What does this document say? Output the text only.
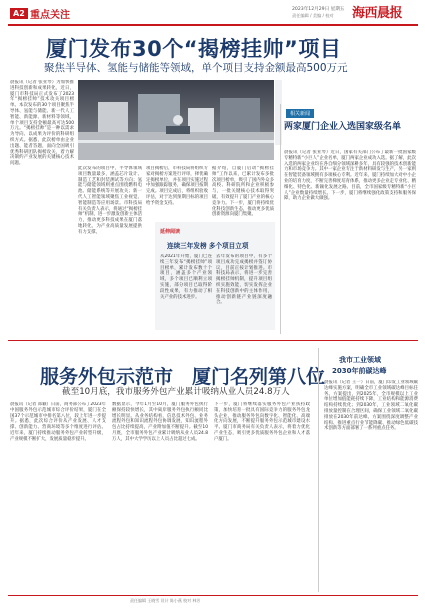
A2 重点关注
2023年12月29日 星期五
责任编辑 / 美编 / 校对 海西晨报
厦门发布30个“揭榜挂帅”项目
聚焦半导体、氢能与储能等领域，单个项目支持金额最高500万元
晨报讯（记者 张亚琴）为加快推进科技创新和成果转化，近日，厦门市科技局正式发布了2023年“揭榜挂帅”技术攻关项目榜单。本次发布的30个项目聚焦半导体、氢能与储能、新一代人工智能、新能源、新材料等领域，单个项目支持金额最高可达500万元。“揭榜挂帅”是一种以需求为导向、以成果为评价的科研组织方式。据悉，此次榜单由企业出题、能者答题，面向全国吸引优秀科研团队揭榜攻关，着力解决制约产业发展的关键核心技术问题。
此次发布的项目中，半导体领域项目数量最多，涵盖芯片设计、制造工艺和封装测试等方向；氢能与储能领域则重点围绕燃料电池、储能系统等开展攻关；新一代人工智能领域聚焦工业视觉、智能制造等应用场景。市科技局有关负责人表示，将通过“揭榜挂帅”机制，进一步激发创新主体活力，推动更多科技成果在厦门落地转化，为产业高质量发展提供有力支撑。
项目揭榜后，市科技局将组织专家对揭榜方案进行评审，择优确定揭榜单位，并在项目实施过程中加强跟踪服务，确保项目按期完成。项目完成后，将组织验收评估，对于达到预期目标的项目给予资金支持。
据介绍，自厦门启动“揭榜挂帅”工作以来，已累计发布多批次项目榜单，吸引了国内外众多高校、科研院所和企业积极参与，一批关键核心技术取得突破，有效提升了厦门产业的核心竞争力。下一步，厦门将持续优化科技创新生态，推动更多优质创新资源向厦门集聚。
延伸阅读
连续三年发榜 多个项目立项
从2021年开始，厦门已连续三年发布“揭榜挂帅”项目榜单，累计发布数十个项目，涵盖多个产业领域，多个项目已顺利立项实施，部分项目已取得阶段性成果，有力推动了相关产业的技术进步。
去年发布的项目中，有多个项目成功完成揭榜并签订协议，目前正按计划推进。市科技局表示，将进一步完善揭榜挂帅机制，提升项目组织实施效能，切实发挥企业在科技创新中的主体作用，推动创新链产业链深度融合。
相关新闻
两家厦门企业入选国家级名单
晨报讯（记者 张亚琴）近日，国家有关部门公布了最新一批国家级专精特新“小巨人”企业名单，厦门两家企业成功入选。据了解，此次入选的两家企业均在各自细分领域深耕多年，具有较强的技术创新能力和市场竞争力。其中一家企业专注于新材料研发与生产，另一家则在智能装备领域拥有多项核心专利。近年来，厦门持续加大对中小企业的培育力度，不断完善梯度培育体系，推动更多企业走专业化、精细化、特色化、新颖化发展之路。目前，全市国家级专精特新“小巨人”企业数量持续增长。下一步，厦门将继续强化政策支持和服务保障，助力企业做大做强。
服务外包示范市　厦门名列第八位
截至10月底，我市服务外包产业累计吸纳从业人员24.8万人
晨报讯（记者 郑颖）日前，商务部公布了2023年中国服务外包示范城市综合评价结果，厦门在全国37个示范城市中排名第八位，较上年进一步提升。据悉，此次综合评价从产业发展、人才支撑、创新能力、营商环境等多个维度进行评估。近年来，厦门持续推动服务外包产业转型升级，产业规模不断扩大，发展质量稳步提升。
数据显示，今年1月至10月，厦门服务外包执行额保持较快增长，其中离岸服务外包执行额同比增长明显。从业务结构看，信息技术外包、业务流程外包和知识流程外包协调发展，知识流程外包占比持续提高，产业附加值不断提升。截至10月底，全市服务外包产业累计吸纳从业人员24.8万人，其中大学学历以上人员占比超过七成。
下一步，厦门将继续落实服务外包产业扶持政策，加快培育一批具有国际竞争力的服务外包龙头企业，推动服务外包向数字化、智能化、高端化方向发展，不断提升服务外包示范城市建设水平。厦门市商务局有关负责人表示，将着力优化产业生态，吸引更多优质服务外包企业和人才落户厦门。
我市工业领域
2030年前碳达峰
晨报讯（记者 王一）日前，厦门印发工业领域碳达峰实施方案，明确全市工业领域碳达峰目标任务。方案提出，到2025年，全市规模以上工业单位增加值能耗持续下降，工业结构和能源消费结构持续优化；到2030年，工业领域二氧化碳排放量控制在合理区间，确保工业领域二氧化碳排放在2030年前达峰。方案围绕深度调整产业结构、推进重点行业节能降碳、推动绿色低碳技术创新等方面部署了一系列重点任务。
责任编辑 王晓雪 设计 陈小燕 校对 林芳
